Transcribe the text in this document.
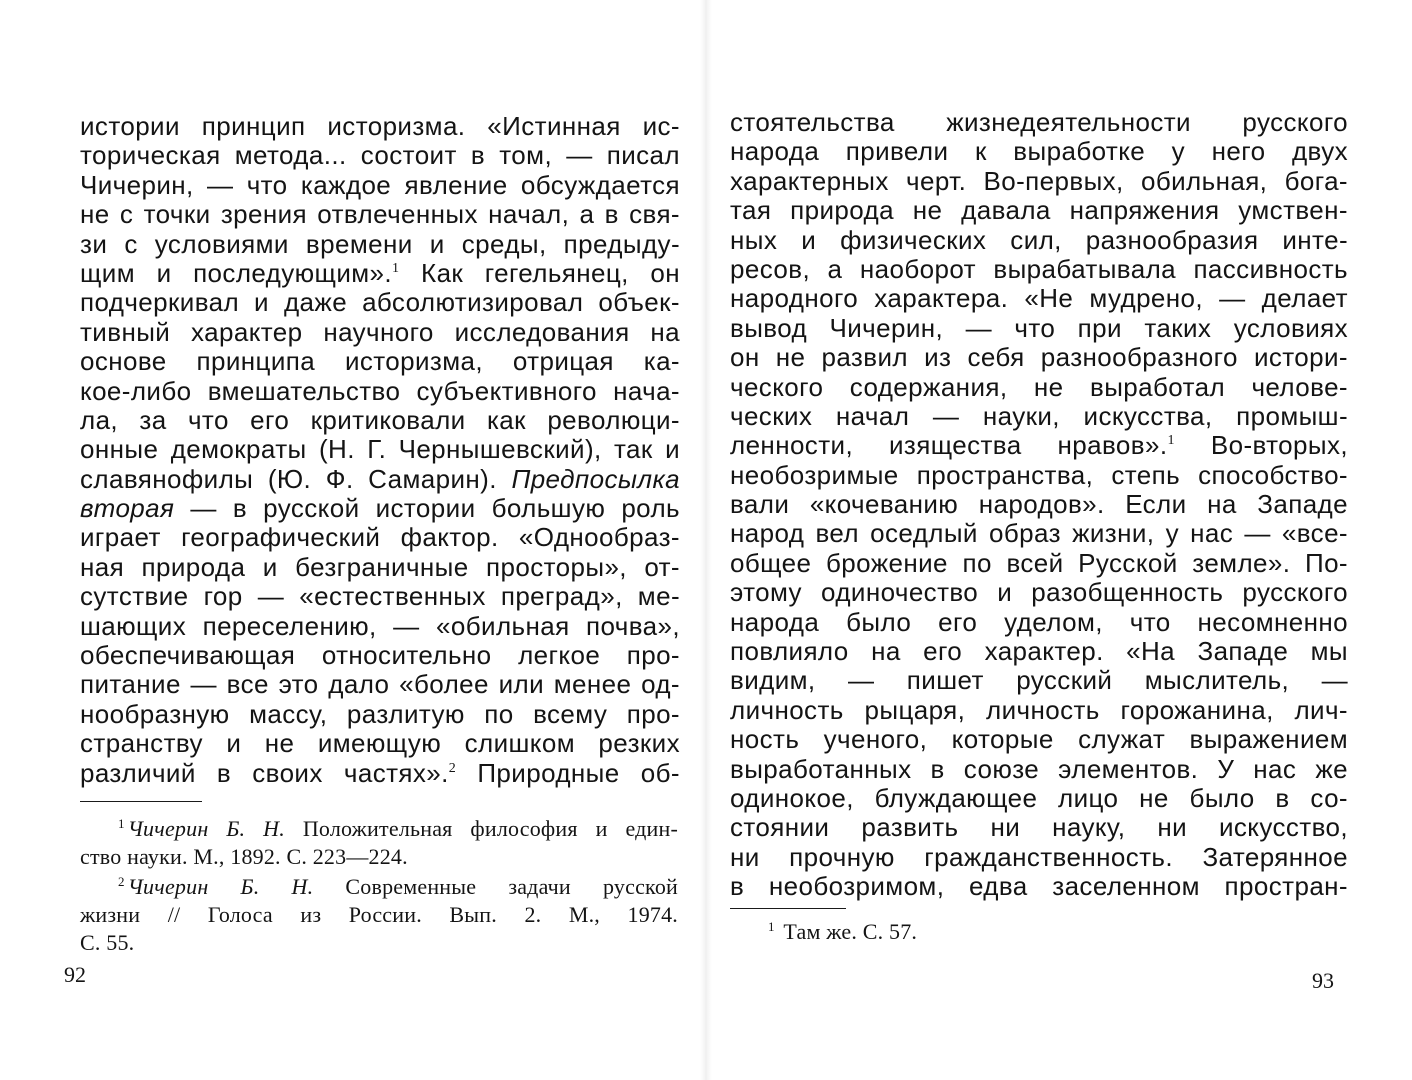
истории принцип историзма. «Истинная ис-
торическая метода... состоит в том, — писал
Чичерин, — что каждое явление обсуждается
не с точки зрения отвлеченных начал, а в свя-
зи с условиями времени и среды, предыду-
щим и последующим».$^1$ Как гегельянец, он
подчеркивал и даже абсолютизировал объек-
тивный характер научного исследования на
основе принципа историзма, отрицая ка-
кое-либо вмешательство субъективного нача-
ла, за что его критиковали как революци-
онные демократы (Н. Г. Чернышевский), так и
славянофилы (Ю. Ф. Самарин). Предпосылка
вторая — в русской истории большую роль
играет географический фактор. «Однообраз-
ная природа и безграничные просторы», от-
сутствие гор — «естественных преград», ме-
шающих переселению, — «обильная почва»,
обеспечивающая относительно легкое про-
питание — все это дало «более или менее од-
нообразную массу, разлитую по всему про-
странству и не имеющую слишком резких
различий в своих частях».$^2$ Природные об-
$^1$ Чичерин Б. Н. Положительная философия и един-
ство науки. М., 1892. С. 223—224.
$^2$ Чичерин Б. Н. Современные задачи русской
жизни // Голоса из России. Вып. 2. М., 1974.
С. 55.
92
стоятельства жизнедеятельности русского
народа привели к выработке у него двух
характерных черт. Во-первых, обильная, бога-
тая природа не давала напряжения умствен-
ных и физических сил, разнообразия инте-
ресов, а наоборот вырабатывала пассивность
народного характера. «Не мудрено, — делает
вывод Чичерин, — что при таких условиях
он не развил из себя разнообразного истори-
ческого содержания, не выработал челове-
ческих начал — науки, искусства, промыш-
ленности, изящества нравов».$^1$ Во-вторых,
необозримые пространства, степь способство-
вали «кочеванию народов». Если на Западе
народ вел оседлый образ жизни, у нас — «все-
общее брожение по всей Русской земле». По-
этому одиночество и разобщенность русского
народа было его уделом, что несомненно
повлияло на его характер. «На Западе мы
видим, — пишет русский мыслитель, —
личность рыцаря, личность горожанина, лич-
ность ученого, которые служат выражением
выработанных в союзе элементов. У нас же
одинокое, блуждающее лицо не было в со-
стоянии развить ни науку, ни искусство,
ни прочную гражданственность. Затерянное
в необозримом, едва заселенном простран-
$^1$ Там же. С. 57.
93
